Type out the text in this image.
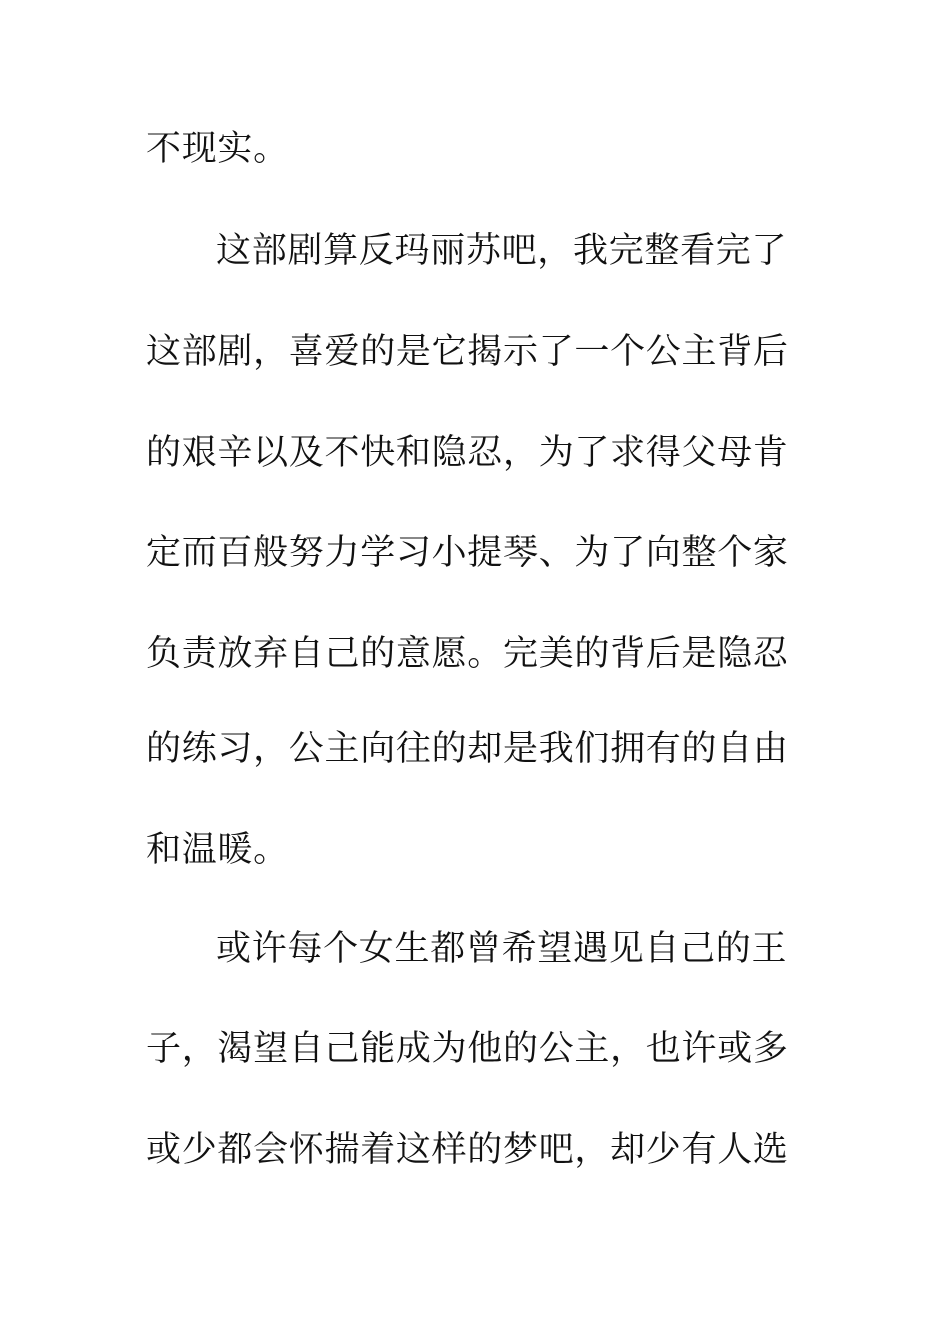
不现实。
这部剧算反玛丽苏吧，我完整看完了
这部剧，喜爱的是它揭示了一个公主背后
的艰辛以及不快和隐忍，为了求得父母肯
定而百般努力学习小提琴、为了向整个家
负责放弃自己的意愿。完美的背后是隐忍
的练习，公主向往的却是我们拥有的自由
和温暖。
或许每个女生都曾希望遇见自己的王
子，渴望自己能成为他的公主，也许或多
或少都会怀揣着这样的梦吧，却少有人选
